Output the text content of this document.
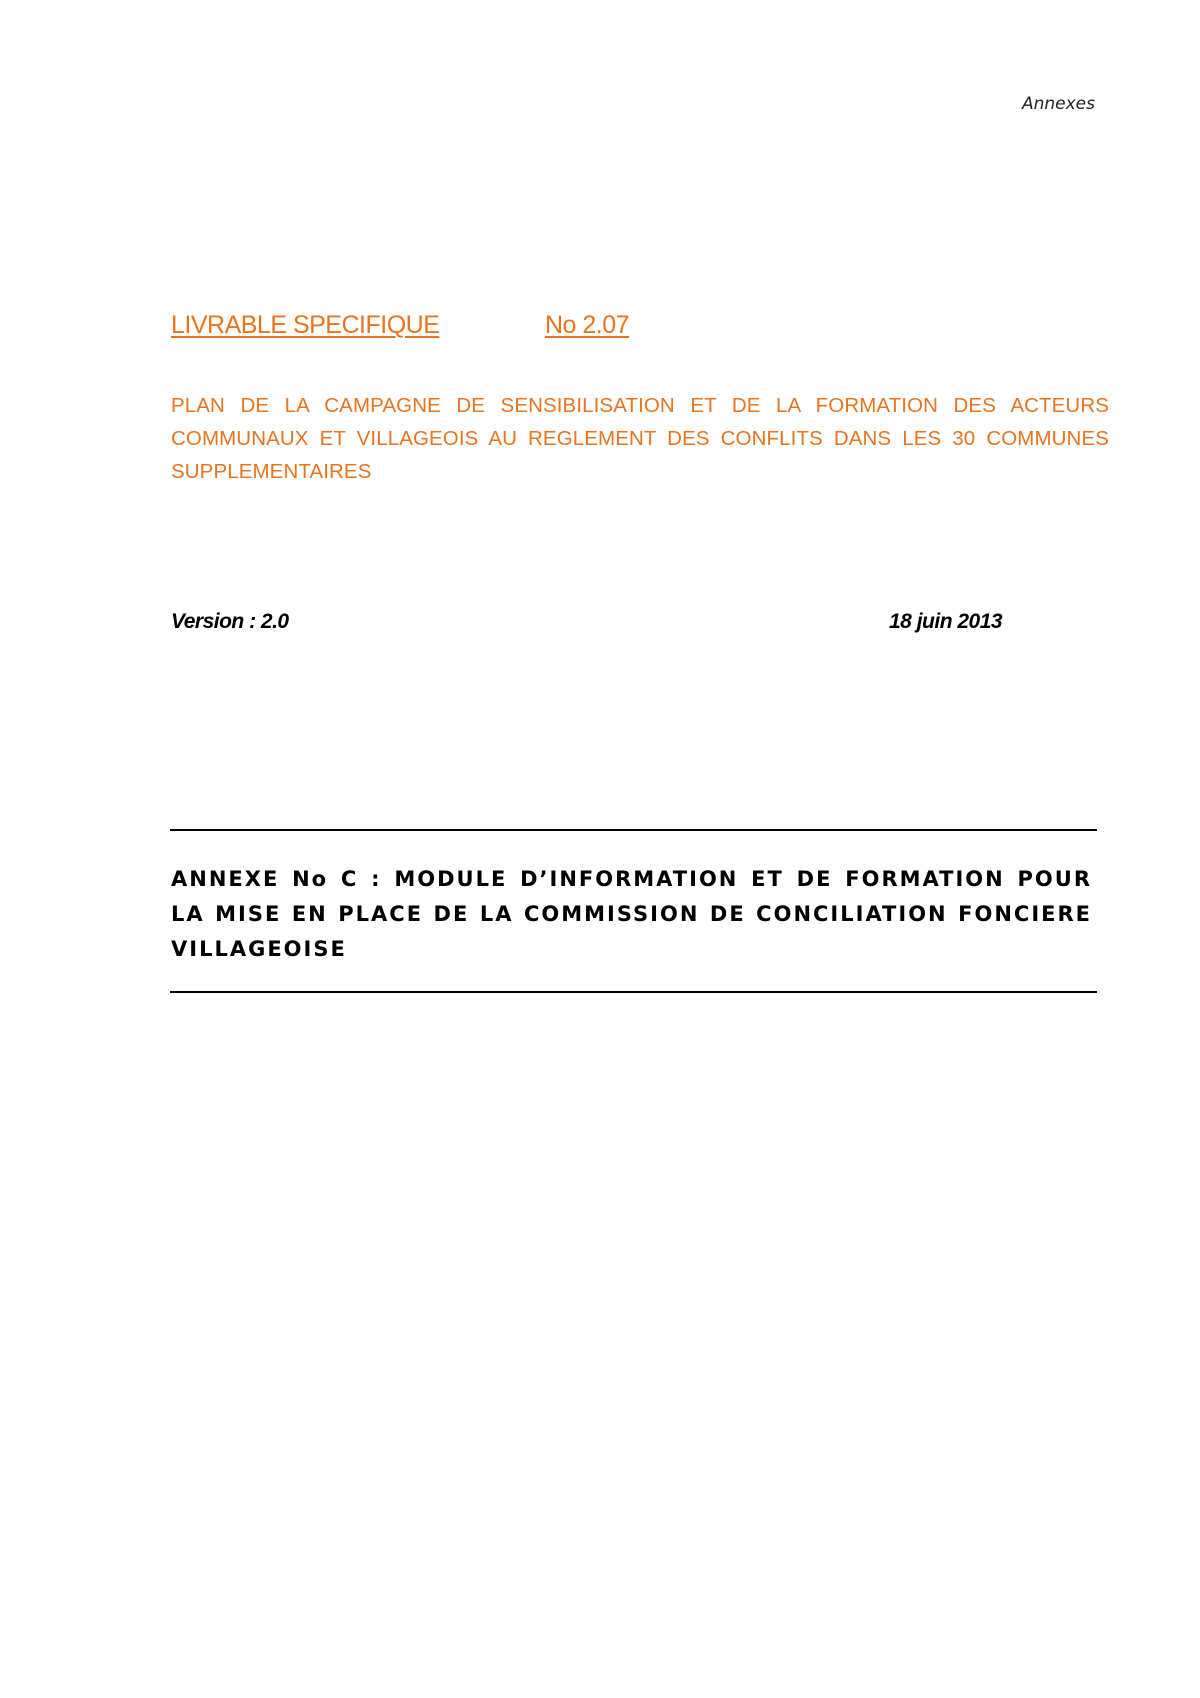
Annexes
LIVRABLE SPECIFIQUE	No 2.07
PLAN DE LA CAMPAGNE DE SENSIBILISATION ET DE LA FORMATION DES ACTEURS COMMUNAUX ET VILLAGEOIS AU REGLEMENT DES CONFLITS DANS LES 30 COMMUNES SUPPLEMENTAIRES
Version : 2.0	18 juin 2013
ANNEXE No C : MODULE D’INFORMATION ET DE FORMATION POUR LA MISE EN PLACE DE LA COMMISSION DE CONCILIATION FONCIERE VILLAGEOISE
